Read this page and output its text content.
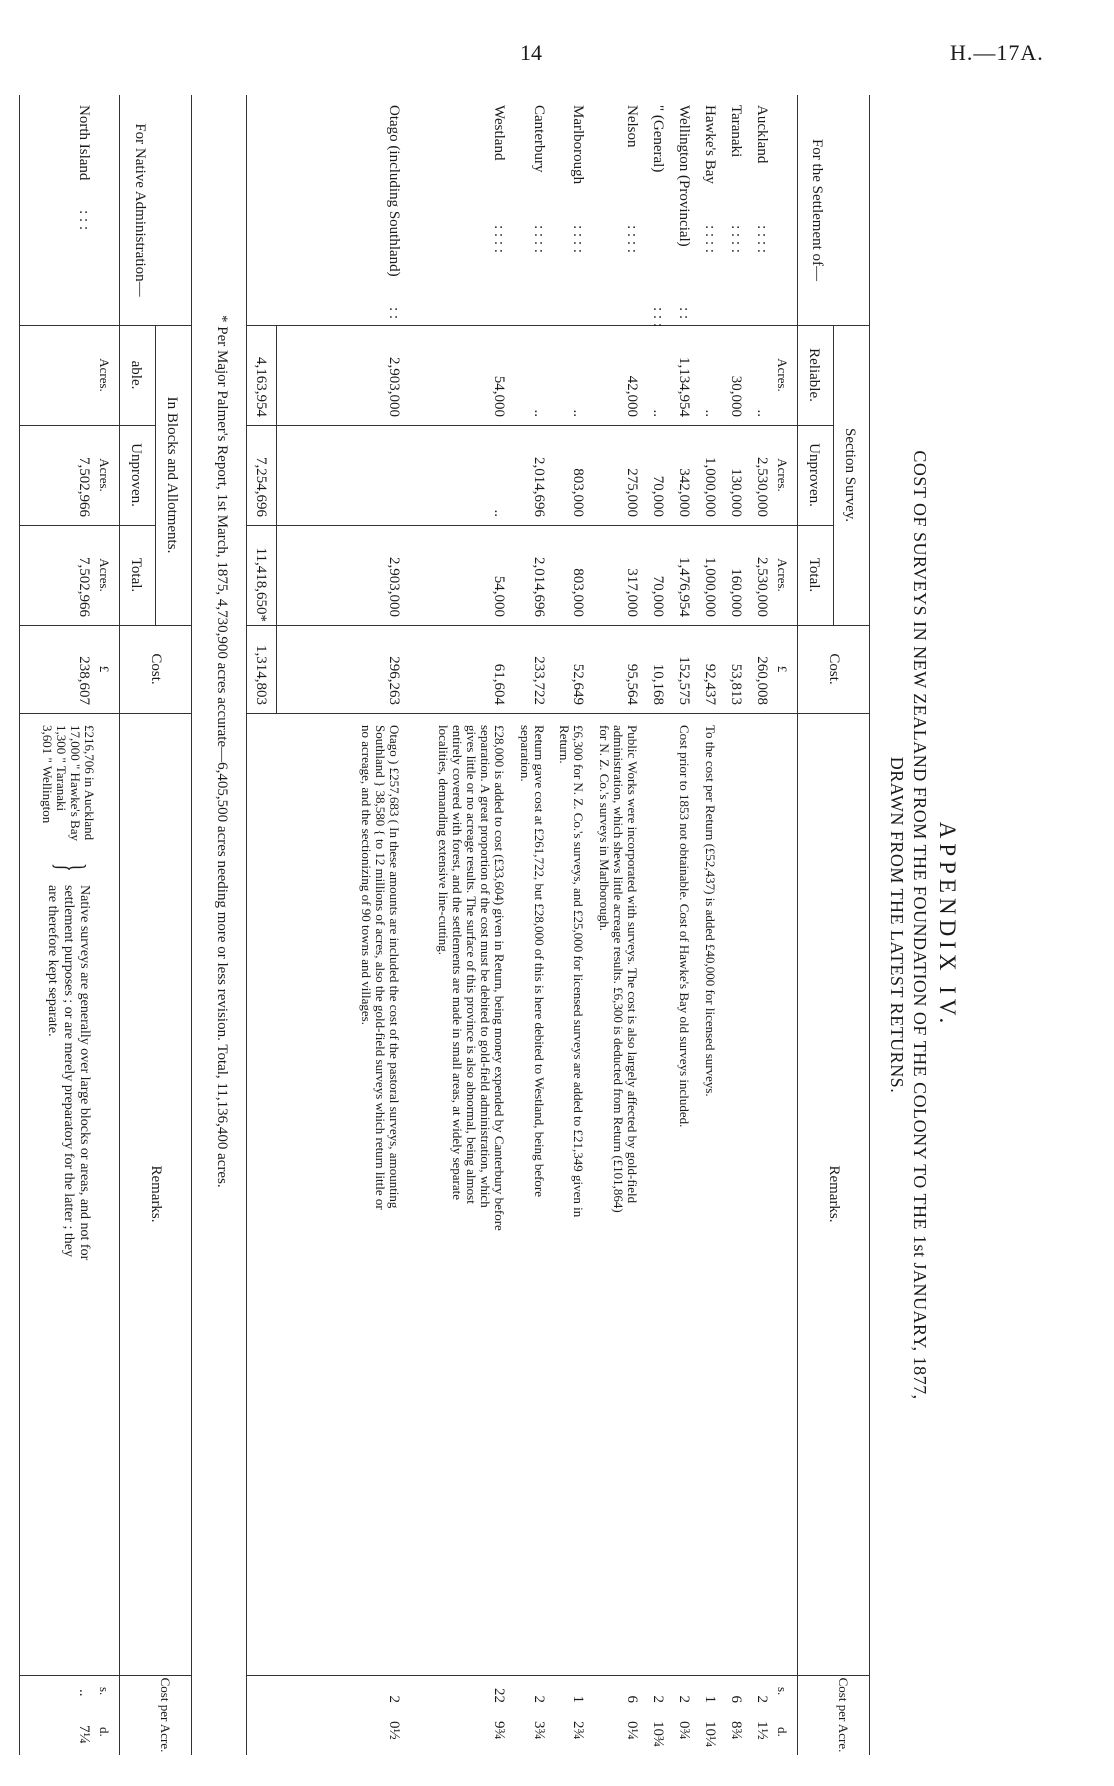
14	H.—17A.
APPENDIX IV.
COST OF SURVEYS IN NEW ZEALAND FROM THE FOUNDATION OF THE COLONY TO THE 1st JANUARY, 1877,
DRAWN FROM THE LATEST RETURNS.
For the Settlement of—
Section Survey.
Reliable.
Unproven.
Total.
Cost.
Remarks.
Cost per Acre.
Acres.
Acres.
Acres.
£
s.
d.
Auckland
: : : :
..
2,530,000
2,530,000
260,008
2
1½
Taranaki
: : : :
30,000
130,000
160,000
53,813
6
8¾
Hawke's Bay
: : : :
..
1,000,000
1,000,000
92,437
1
10¼
To the cost per Return (£52,437) is added £40,000 for licensed surveys.
Wellington (Provincial)
: :
1,134,954
342,000
1,476,954
152,575
2
0¾
Cost prior to 1853 not obtainable. Cost of Hawke's Bay old surveys included.
" (General)
: : :
..
70,000
70,000
10,168
2
10¾
Nelson
: : : :
42,000
275,000
317,000
95,564
6
0¼
Public Works were incorporated with surveys. The cost is also largely affected by gold-field
administration, which shews little acreage results. £6,300 is deducted from Return (£101,864)
for N. Z. Co.'s surveys in Marlborough.
Marlborough
: : : :
..
803,000
803,000
52,649
1
2¾
£6,300 for N. Z. Co.'s surveys, and £25,000 for licensed surveys are added to £21,349 given in
Return.
Canterbury
: : : :
..
2,014,696
2,014,696
233,722
2
3¾
Return gave cost at £261,722, but £28,000 of this is here debited to Westland, being before
separation.
Westland
: : : :
54,000
..
54,000
61,604
22
9¾
£28,000 is added to cost (£33,604) given in Return, being money expended by Canterbury before
separation. A great proportion of the cost must be debited to gold-field administration, which
gives little or no acreage results. The surface of this province is also abnormal, being almost
entirely covered with forest, and the settlements are made in small areas, at widely separate
localities, demanding extensive line-cutting.
Otago (including Southland)
: :
2,903,000
2,903,000
296,263
2
0½
Otago ) £257,683 ( In these amounts are included the cost of the pastoral surveys, amounting
Southland } 38,580 { to 12 millions of acres, also the gold-field surveys which return little or
no acreage, and the sectionizing of 90 towns and villages.
4,163,954
7,254,696
11,418,650*
1,314,803
* Per Major Palmer's Report, 1st March, 1875, 4,730,900 acres accurate—6,405,500 acres needing more or less revision. Total, 11,136,400 acres.
For Native Administration—
In Blocks and Allotments.
able.
Unproven.
Total.
Cost.
Remarks.
Cost per Acre.
Acres.
Acres.
Acres.
£
s.
d.
North Island
: : :
7,502,966
7,502,966
238,607
£216,706 in Auckland
17,000 " Hawke's Bay
1,300 " Taranaki
3,601 " Wellington
}
Native surveys are generally over large blocks or areas, and not for
settlement purposes ; or are merely preparatory for the latter ; they
are therefore kept separate.
..
7¼
